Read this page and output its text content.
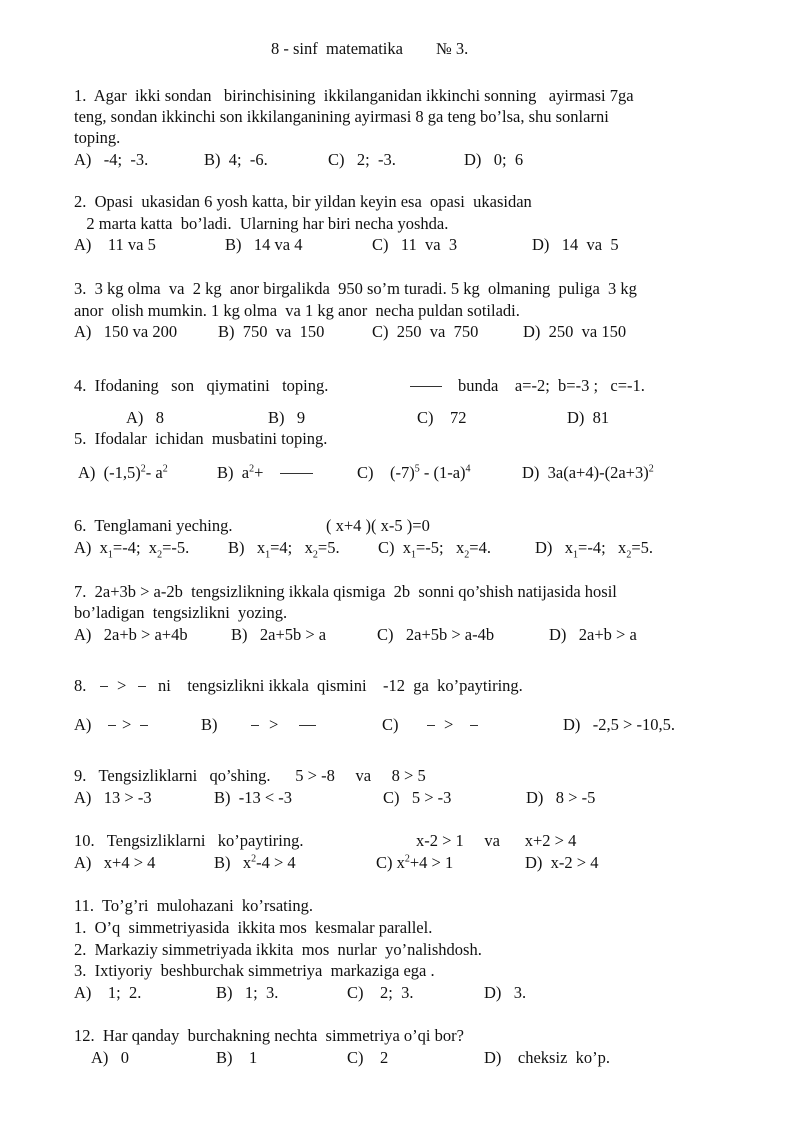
8 - sinf  matematika        № 3.
1.  Agar  ikki sondan   birinchisining  ikkilanganidan ikkinchi sonning   ayirmasi 7ga
teng, sondan ikkinchi son ikkilanganining ayirmasi 8 ga teng bo’lsa, shu sonlarni
toping.
A)   -4;  -3.	B)  4;  -6.	C)   2;  -3.	D)   0;  6
2.  Opasi  ukasidan 6 yosh katta, bir yildan keyin esa  opasi  ukasidan
2 marta katta  bo’ladi.  Ularning har biri necha yoshda.
A)    11 va 5	B)   14 va 4	C)   11  va  3	D)   14  va  5
3.  3 kg olma  va  2 kg  anor birgalikda  950 so’m turadi. 5 kg  olmaning  puliga  3 kg
anor  olish mumkin. 1 kg olma  va 1 kg anor  necha puldan sotiladi.
A)   150 va 200 B)  750  va  150	C)  250  va  750	D)  250  va 150
4.  Ifodaning   son   qiymatini   toping.	bunda    a=-2;  b=-3 ;   c=-1.
A)   8	B)   9	C)    72	D)  81
5.  Ifodalar  ichidan  musbatini toping.
A)  $(-1,5)^2-$ $a^2$	B)  $a^2+$	C)    $(-7)^5 - (1-a)^4$	D)  $3a(a+4)-(2a+3)^2$
6.  Tenglamani yeching.	( x+4 )( x-5 )=0
A)  $x_1=-4$;  $x_2=-5$. B)   $x_1=4$;   $x_2=5$. C)  $x_1=-5$;   $x_2=4$.	D)   $x_1=-4$;   $x_2=5$.
7.  2a+3b > a-2b  tengsizlikning ikkala qismiga  2b  sonni qo’shish natijasida hosil
bo’ladigan  tengsizlikni  yozing.
A)   2a+b > a+4b	B)   2a+5b > a	C)   2a+5b > a-4b	D)   2a+b > a
8. > ni    tengsizlikni ikkala  qismini    -12  ga  ko’paytiring.
A) >	B)	>	C)	>	D)   -2,5 > -10,5.
9.   Tengsizliklarni   qo’shing.      5 > -8     va     8 > 5
A)   13 > -3	B)  -13 < -3	C)   5 > -3	D)   8 > -5
10.   Tengsizliklarni   ko’paytiring.	x-2 > 1     va      x+2 > 4
A)   x+4 > 4	B)   $x^2-4 > 4$	C) $x^2+4 > 1$	D)  x-2 > 4
11.  To’g’ri  mulohazani  ko’rsating.
1.  O’q  simmetriyasida  ikkita mos  kesmalar parallel.
2.  Markaziy simmetriyada ikkita  mos  nurlar  yo’nalishdosh.
3.  Ixtiyoriy  beshburchak simmetriya  markaziga ega .
A)    1;  2.	B)   1;  3.	C)    2;  3.	D)   3.
12.  Har qanday  burchakning nechta  simmetriya o’qi bor?
A)   0	B)    1	C)    2	D)    cheksiz  ko’p.
